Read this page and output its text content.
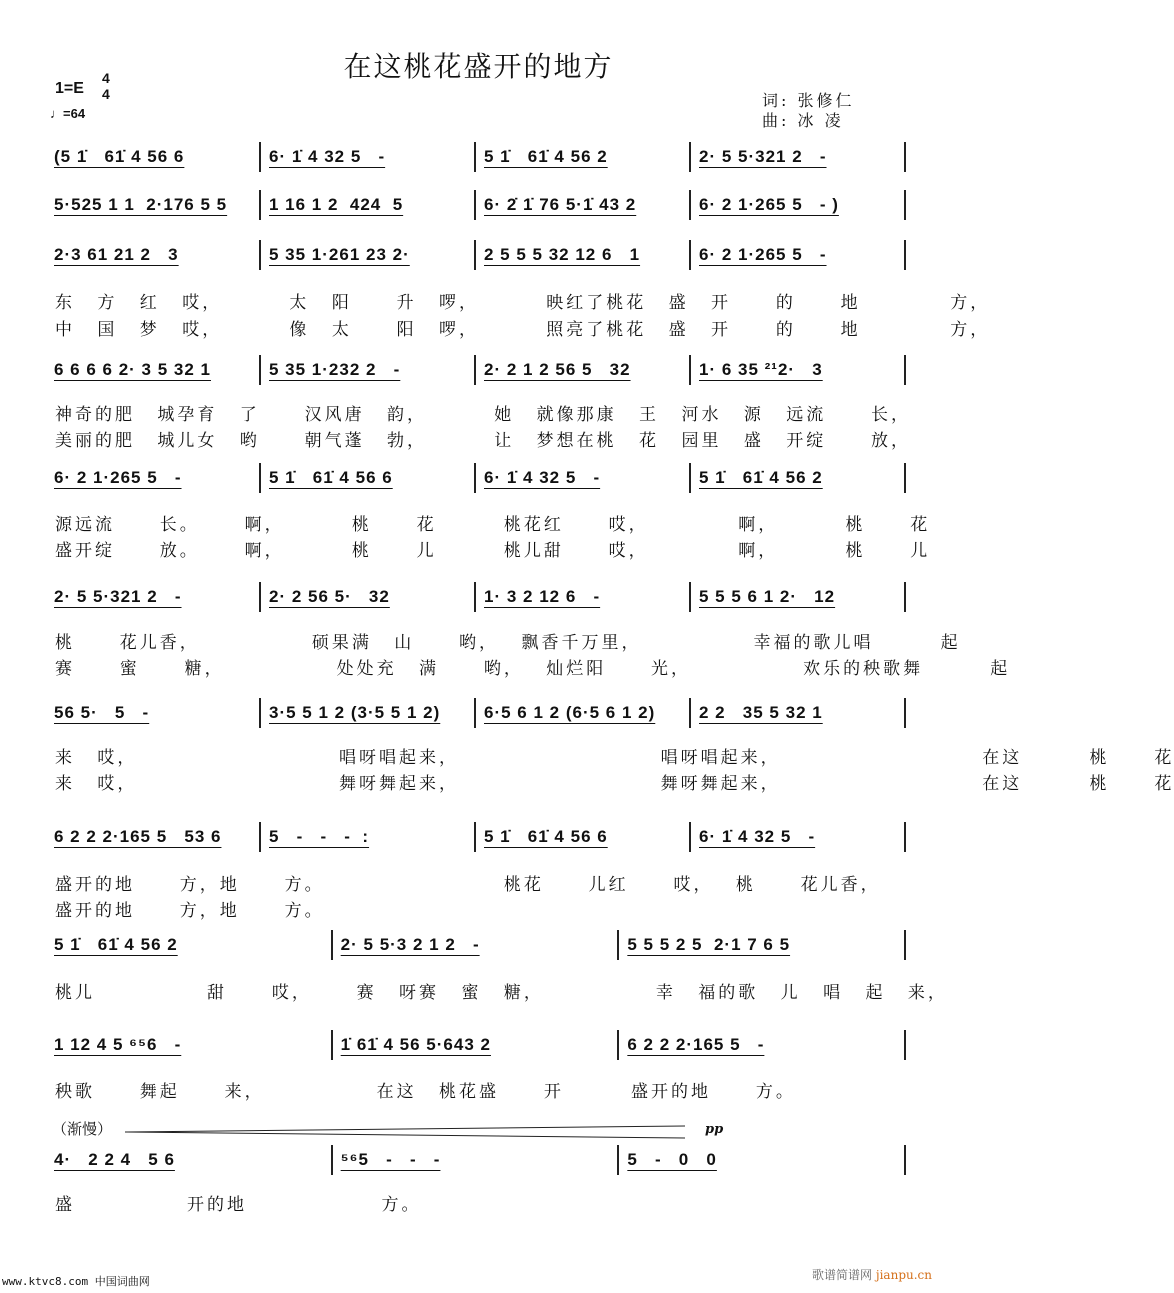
在这桃花盛开的地方
1=E
4
4
♩=64
词: 张修仁
曲: 冰 凌
(5 1̇   61̇ 4 56 6	6· 1̇ 4 32 5   -	5 1̇   61̇ 4 56 2	2· 5 5·321 2   -
5·525 1 1  2·176 5 5	1 16 1 2  424  5	6· 2̇ 1̇ 76 5·1̇ 43 2	6· 2 1·265 5   - )
2·3 61 21 2   3	5 35 1·261 23 2·	2 5 5 5 32 12 6   1	6· 2 1·265 5   -
东 方 红 哎，   太 阳  升 啰，   映红了桃花 盛 开  的  地    方，
中 国 梦 哎，   像 太  阳 啰，   照亮了桃花 盛 开  的  地    方，
6 6 6 6 2· 3 5 32 1	5 35 1·232 2   -	2· 2 1 2 56 5   32	1· 6 35 ²¹2·   3
神奇的肥 城孕育 了  汉风唐 韵，   她 就像那康 王 河水 源 远流  长，
美丽的肥 城儿女 哟  朝气蓬 勃，   让 梦想在桃 花 园里 盛 开绽  放，
6· 2 1·265 5   -	5 1̇   61̇ 4 56 6	6· 1̇ 4 32 5   -	5 1̇   61̇ 4 56 2
源远流  长。  啊，   桃  花   桃花红  哎，    啊，   桃  花
盛开绽  放。  啊，   桃  儿   桃儿甜  哎，    啊，   桃  儿
2· 5 5·321 2   -	2· 2 56 5·   32	1· 3 2 12 6   -	5 5 5 6 1 2·   12
桃  花儿香，     硕果满 山  哟， 飘香千万里，     幸福的歌儿唱   起
赛  蜜  糖，     处处充 满  哟， 灿烂阳  光，     欢乐的秧歌舞   起
56 5·   5   -	3·5 5 1 2 (3·5 5 1 2)	6·5 6 1 2 (6·5 6 1 2)	2 2   35 5 32 1
来 哎，         唱呀唱起来，         唱呀唱起来，         在这   桃  花
来 哎，         舞呀舞起来，         舞呀舞起来，         在这   桃  花
6 2 2 2·165 5   53 6	5   -   -   -  :	5 1̇   61̇ 4 56 6	6· 1̇ 4 32 5   -
盛开的地  方，地  方。        桃花  儿红  哎， 桃  花儿香，
盛开的地  方，地  方。
5 1̇   61̇ 4 56 2	2· 5 5·3 2 1 2   -	5 5 5 2 5  2·1 7 6 5
桃儿     甜  哎，  赛 呀赛 蜜 糖，     幸 福的歌 儿 唱 起 来，
1 12 4 5 ⁶⁵6   -	1̇ 61̇ 4 56 5·643 2	6 2 2 2·165 5   -
秧歌  舞起  来，     在这 桃花盛  开   盛开的地  方。
4·   2 2 4   5 6	⁵⁶5   -   -   -	5   -   0   0
盛     开的地      方。
（渐慢）	pp
www.ktvc8.com 中国词曲网	歌谱简谱网 jianpu.cn
